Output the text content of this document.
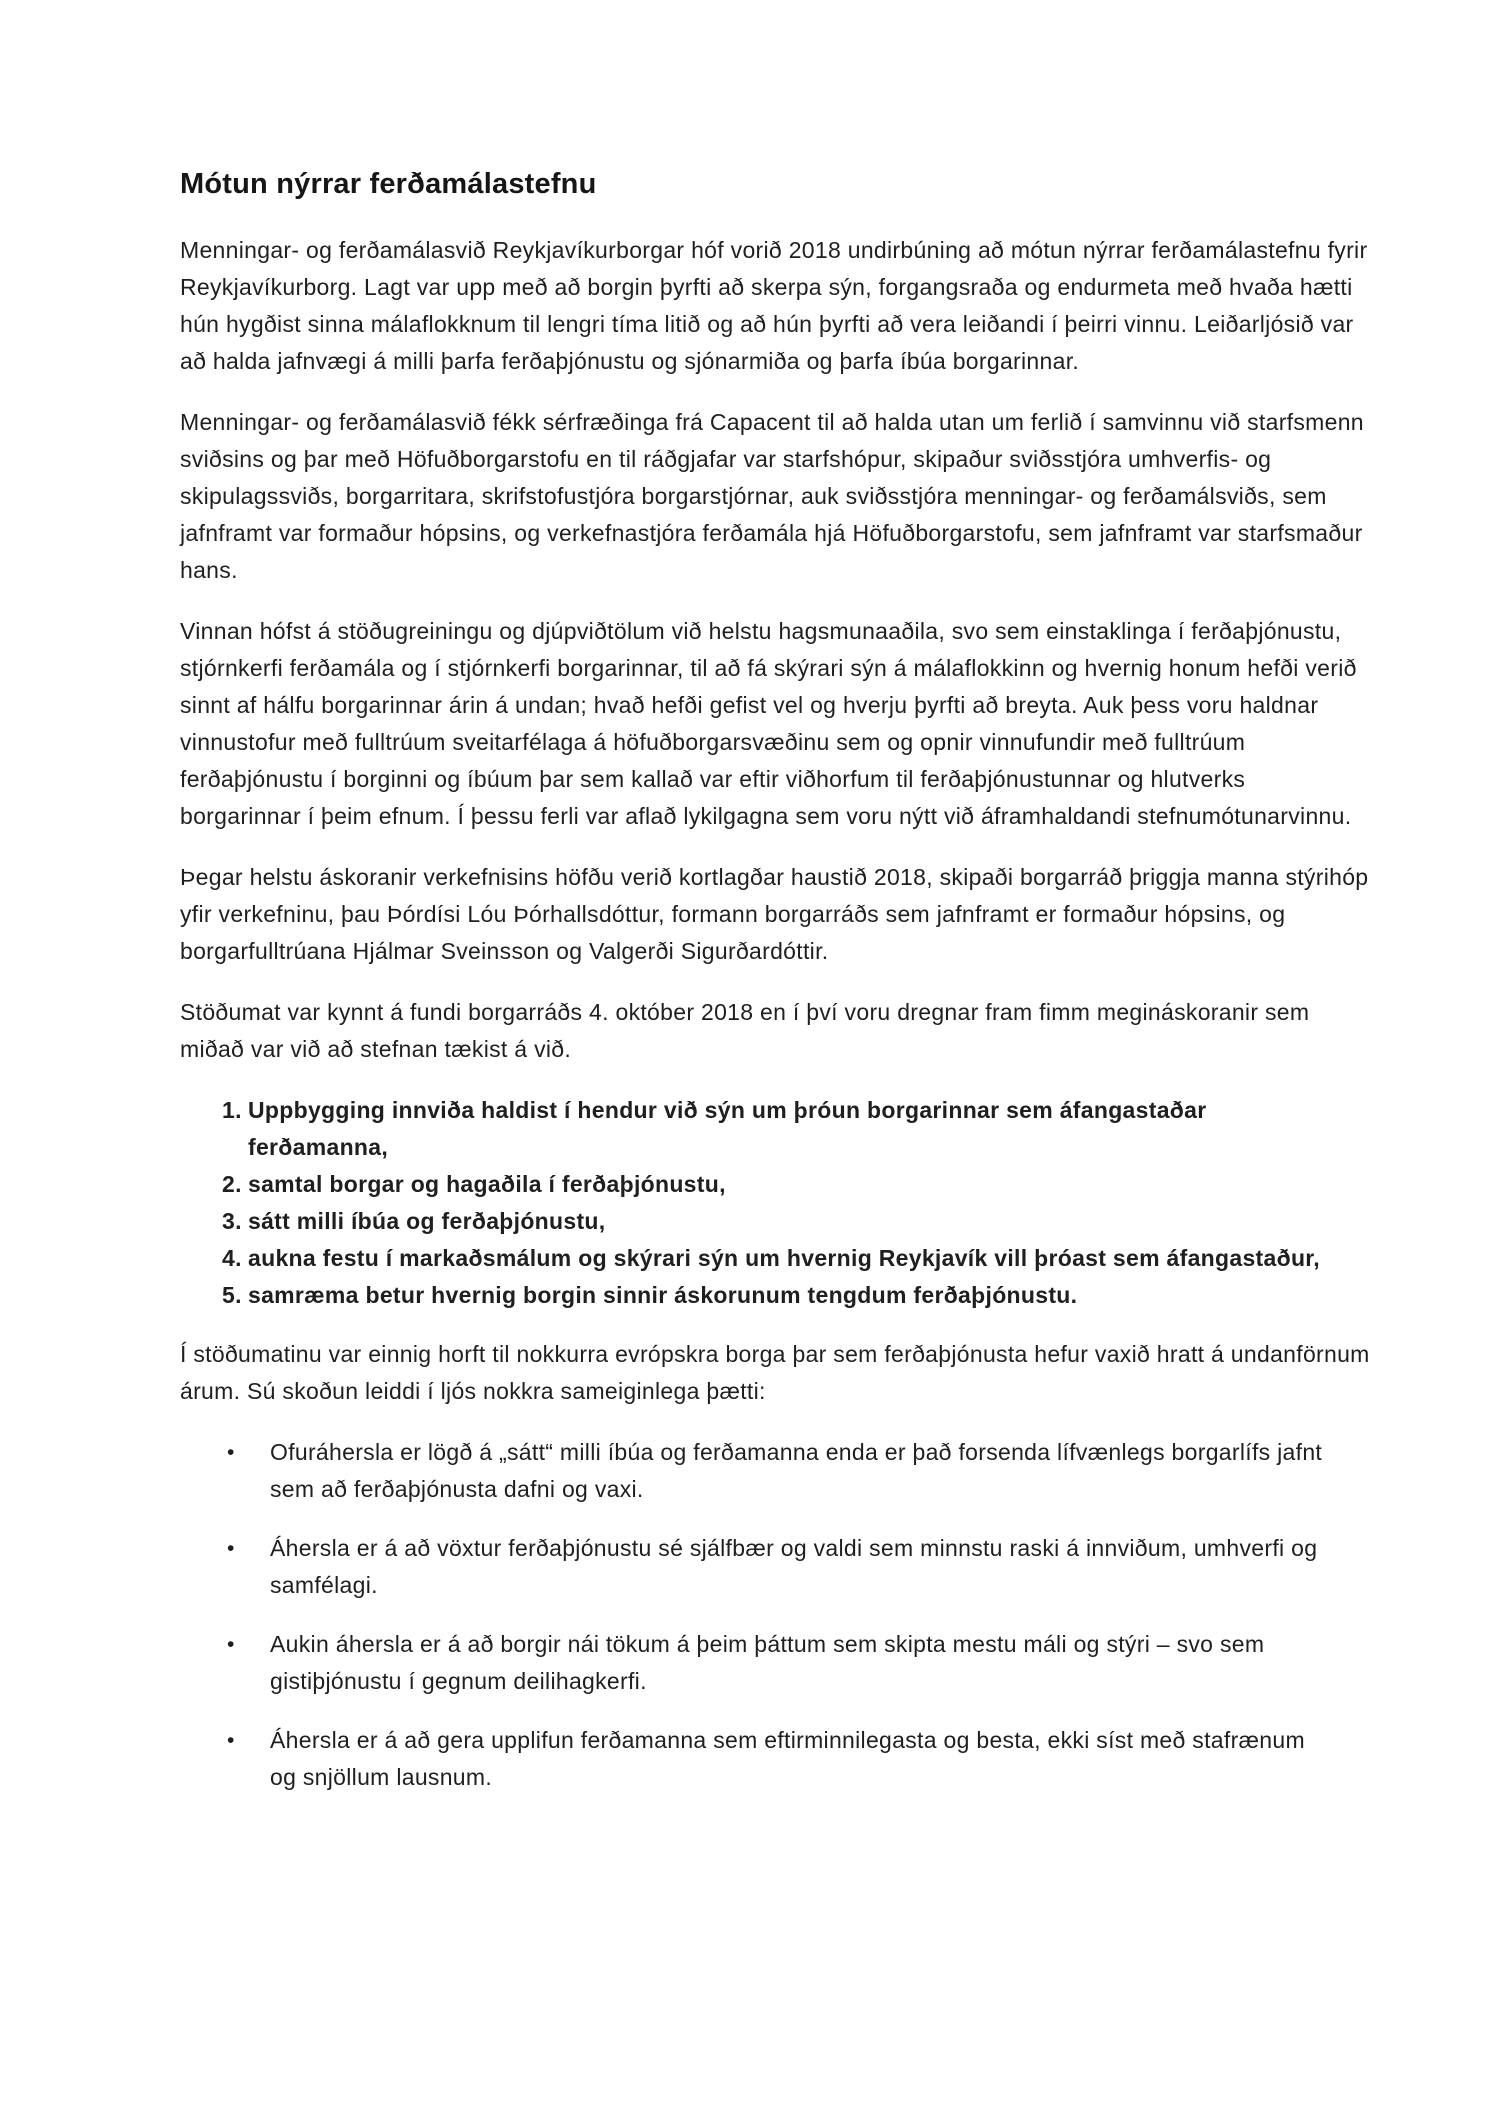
Mótun nýrrar ferðamálastefnu

Menningar- og ferðamálasvið Reykjavíkurborgar hóf vorið 2018 undirbúning að mótun nýrrar ferðamálastefnu fyrir Reykjavíkurborg. Lagt var upp með að borgin þyrfti að skerpa sýn, forgangsraða og endurmeta með hvaða hætti hún hygðist sinna málaflokknum til lengri tíma litið og að hún þyrfti að vera leiðandi í þeirri vinnu. Leiðarljósið var að halda jafnvægi á milli þarfa ferðaþjónustu og sjónarmiða og þarfa íbúa borgarinnar.

Menningar- og ferðamálasvið fékk sérfræðinga frá Capacent til að halda utan um ferlið í samvinnu við starfsmenn sviðsins og þar með Höfuðborgarstofu en til ráðgjafar var starfshópur, skipaður sviðsstjóra umhverfis- og skipulagssviðs, borgarritara, skrifstofustjóra borgarstjórnar, auk sviðsstjóra menningar- og ferðamálsviðs, sem jafnframt var formaður hópsins, og verkefnastjóra ferðamála hjá Höfuðborgarstofu, sem jafnframt var starfsmaður hans.

Vinnan hófst á stöðugreiningu og djúpviðtölum við helstu hagsmunaaðila, svo sem einstaklinga í ferðaþjónustu, stjórnkerfi ferðamála og í stjórnkerfi borgarinnar, til að fá skýrari sýn á málaflokkinn og hvernig honum hefði verið sinnt af hálfu borgarinnar árin á undan; hvað hefði gefist vel og hverju þyrfti að breyta. Auk þess voru haldnar vinnustofur með fulltrúum sveitarfélaga á höfuðborgarsvæðinu sem og opnir vinnufundir með fulltrúum ferðaþjónustu í borginni og íbúum þar sem kallað var eftir viðhorfum til ferðaþjónustunnar og hlutverks borgarinnar í þeim efnum. Í þessu ferli var aflað lykilgagna sem voru nýtt við áframhaldandi stefnumótunarvinnu.

Þegar helstu áskoranir verkefnisins höfðu verið kortlagðar haustið 2018, skipaði borgarráð þriggja manna stýrihóp yfir verkefninu, þau Þórdísi Lóu Þórhallsdóttur, formann borgarráðs sem jafnframt er formaður hópsins, og borgarfulltrúana Hjálmar Sveinsson og Valgerði Sigurðardóttir.

Stöðumat var kynnt á fundi borgarráðs 4. október 2018 en í því voru dregnar fram fimm megináskoranir sem miðað var við að stefnan tækist á við.

1. Uppbygging innviða haldist í hendur við sýn um þróun borgarinnar sem áfangastaðar ferðamanna,
2. samtal borgar og hagaðila í ferðaþjónustu,
3. sátt milli íbúa og ferðaþjónustu,
4. aukna festu í markaðsmálum og skýrari sýn um hvernig Reykjavík vill þróast sem áfangastaður,
5. samræma betur hvernig borgin sinnir áskorunum tengdum ferðaþjónustu.

Í stöðumatinu var einnig horft til nokkurra evrópskra borga þar sem ferðaþjónusta hefur vaxið hratt á undanförnum árum. Sú skoðun leiddi í ljós nokkra sameiginlega þætti:

•	Ofuráhersla er lögð á „sátt“ milli íbúa og ferðamanna enda er það forsenda lífvænlegs borgarlífs jafnt sem að ferðaþjónusta dafni og vaxi.
•	Áhersla er á að vöxtur ferðaþjónustu sé sjálfbær og valdi sem minnstu raski á innviðum, umhverfi og samfélagi.
•	Aukin áhersla er á að borgir nái tökum á þeim þáttum sem skipta mestu máli og stýri – svo sem gistiþjónustu í gegnum deilihagkerfi.
•	Áhersla er á að gera upplifun ferðamanna sem eftirminnilegasta og besta, ekki síst með stafrænum og snjöllum lausnum.
